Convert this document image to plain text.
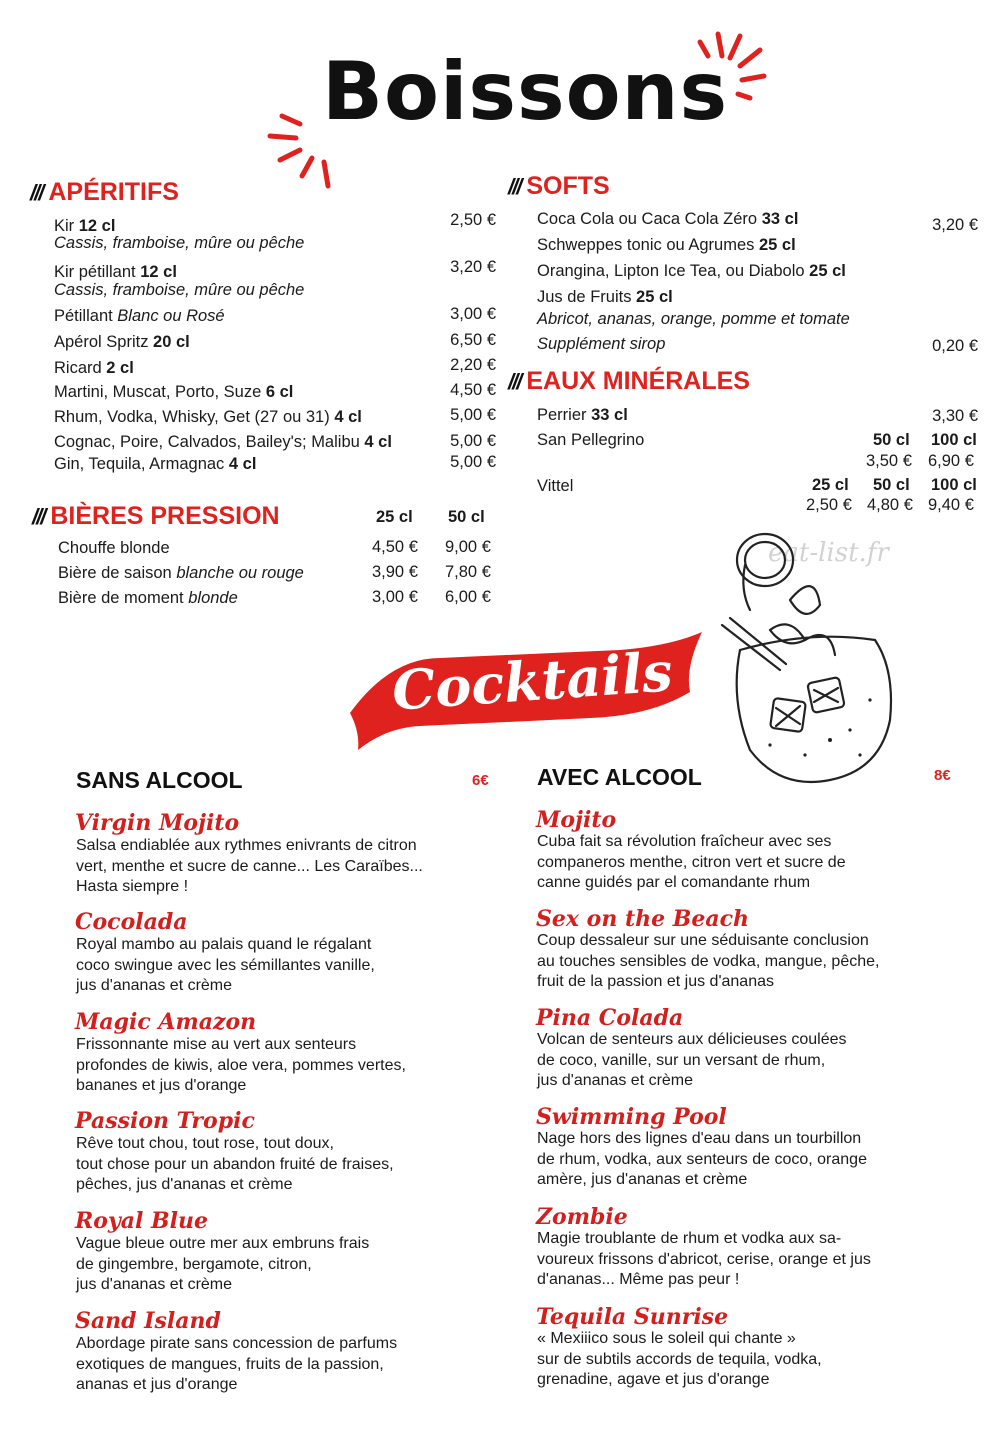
Boissons
/// APÉRITIFS
Kir 12 cl	2,50 €
Cassis, framboise, mûre ou pêche
Kir pétillant 12 cl	3,20 €
Cassis, framboise, mûre ou pêche
Pétillant Blanc ou Rosé	3,00 €
Apérol Spritz 20 cl	6,50 €
Ricard 2 cl	2,20 €
Martini, Muscat, Porto, Suze 6 cl	4,50 €
Rhum, Vodka, Whisky, Get (27 ou 31) 4 cl	5,00 €
Cognac, Poire, Calvados, Bailey's; Malibu 4 cl	5,00 €
Gin, Tequila, Armagnac 4 cl	5,00 €
/// BIÈRES PRESSION	25 cl 50 cl
Chouffe blonde	4,50 € 9,00 €
Bière de saison blanche ou rouge	3,90 € 7,80 €
Bière de moment blonde	3,00 € 6,00 €
/// SOFTS
3,20 €
Coca Cola ou Caca Cola Zéro 33 cl
Schweppes tonic ou Agrumes 25 cl
Orangina, Lipton Ice Tea, ou Diabolo 25 cl
Jus de Fruits 25 cl
Abricot, ananas, orange, pomme et tomate
Supplément sirop	0,20 €
/// EAUX MINÉRALES
Perrier 33 cl	3,30 €
San Pellegrino	50 cl 100 cl
3,50 € 6,90 €
Vittel	25 cl 50 cl 100 cl
2,50 € 4,80 € 9,40 €
eat-list.fr
Cocktails
SANS ALCOOL	6€
Virgin Mojito
Salsa endiablée aux rythmes enivrants de citron
vert, menthe et sucre de canne... Les Caraïbes...
Hasta siempre !
Cocolada
Royal mambo au palais quand le régalant
coco swingue avec les sémillantes vanille,
jus d'ananas et crème
Magic Amazon
Frissonnante mise au vert aux senteurs
profondes de kiwis, aloe vera, pommes vertes,
bananes et jus d'orange
Passion Tropic
Rêve tout chou, tout rose, tout doux,
tout chose pour un abandon fruité de fraises,
pêches, jus d'ananas et crème
Royal Blue
Vague bleue outre mer aux embruns frais
de gingembre, bergamote, citron,
jus d'ananas et crème
Sand Island
Abordage pirate sans concession de parfums
exotiques de mangues, fruits de la passion,
ananas et jus d'orange
AVEC ALCOOL	8€
Mojito
Cuba fait sa révolution fraîcheur avec ses
companeros menthe, citron vert et sucre de
canne guidés par el comandante rhum
Sex on the Beach
Coup dessaleur sur une séduisante conclusion
au touches sensibles de vodka, mangue, pêche,
fruit de la passion et jus d'ananas
Pina Colada
Volcan de senteurs aux délicieuses coulées
de coco, vanille, sur un versant de rhum,
jus d'ananas et crème
Swimming Pool
Nage hors des lignes d'eau dans un tourbillon
de rhum, vodka, aux senteurs de coco, orange
amère, jus d'ananas et crème
Zombie
Magie troublante de rhum et vodka aux sa-
voureux frissons d'abricot, cerise, orange et jus
d'ananas... Même pas peur !
Tequila Sunrise
« Mexiiico sous le soleil qui chante »
sur de subtils accords de tequila, vodka,
grenadine, agave et jus d'orange
